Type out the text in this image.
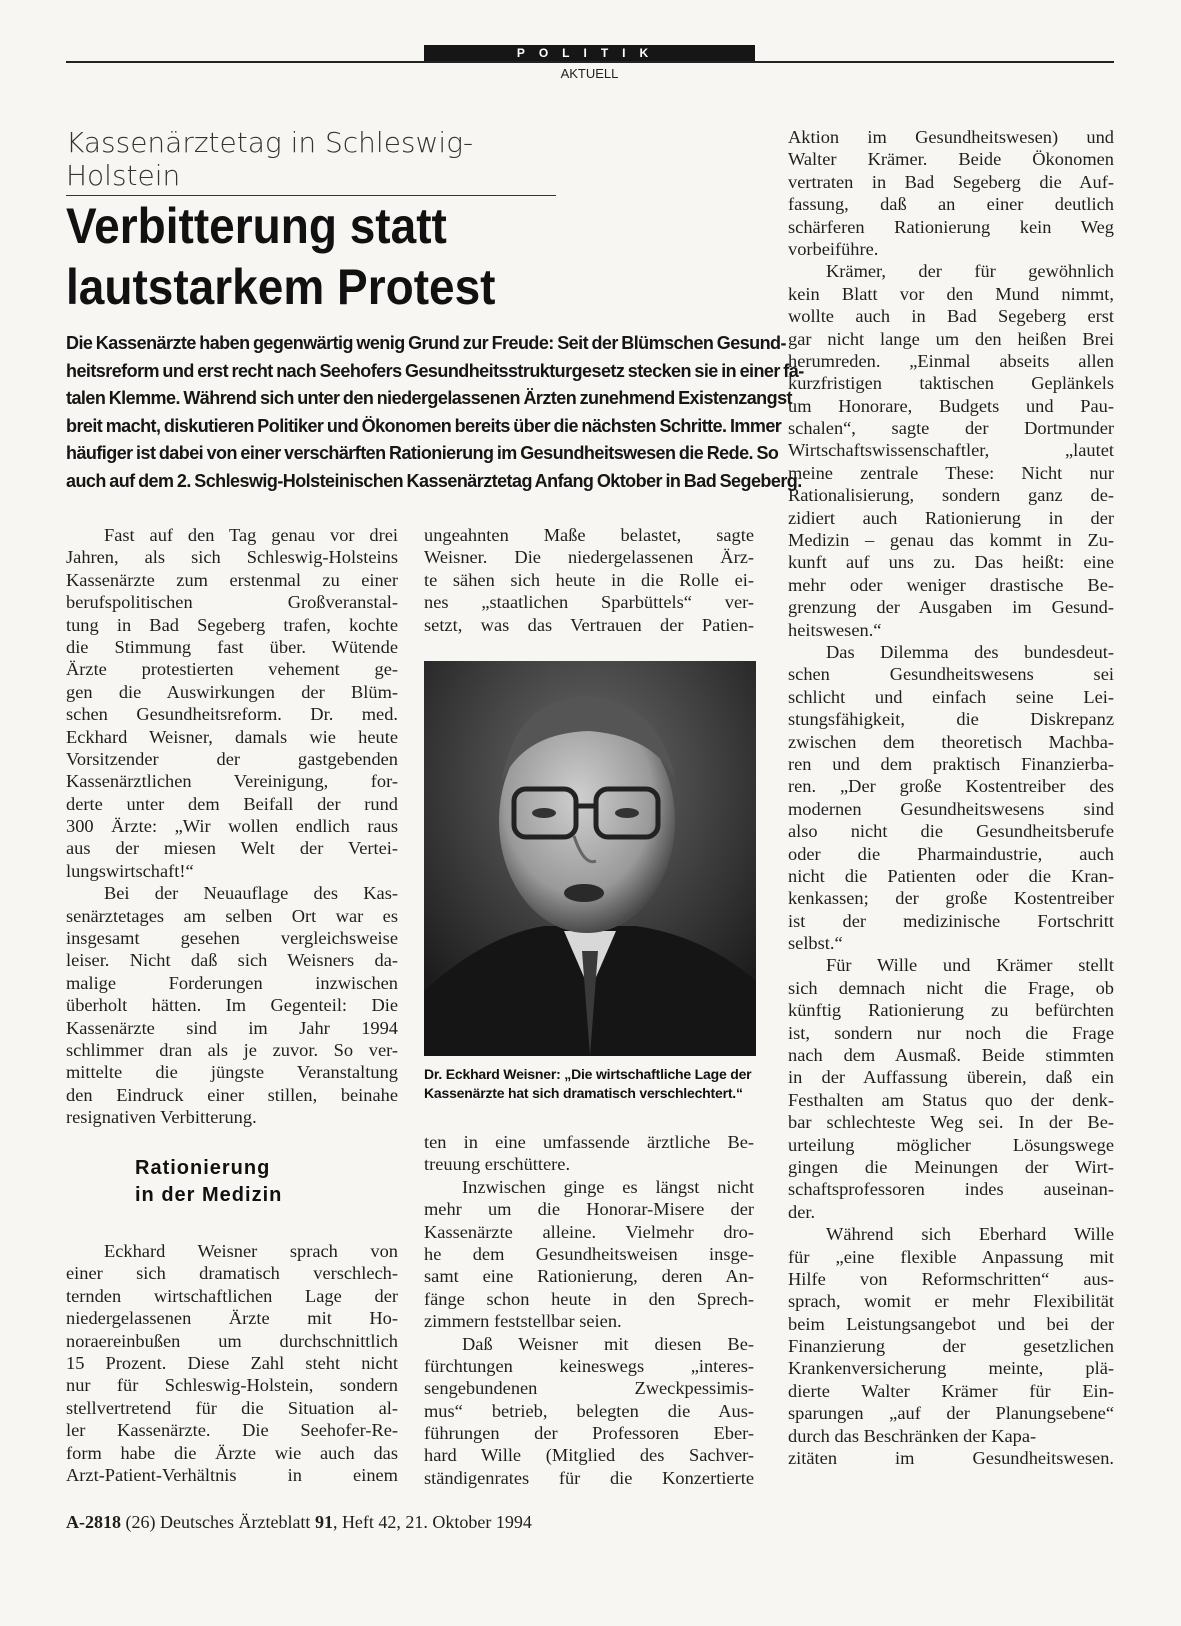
POLITIK
AKTUELL
Kassenärztetag in Schleswig-Holstein
Verbitterung statt
lautstarkem Protest
Die Kassenärzte haben gegenwärtig wenig Grund zur Freude: Seit der Blümschen Gesund-
heitsreform und erst recht nach Seehofers Gesundheitsstrukturgesetz stecken sie in einer fa-
talen Klemme. Während sich unter den niedergelassenen Ärzten zunehmend Existenzangst
breit macht, diskutieren Politiker und Ökonomen bereits über die nächsten Schritte. Immer
häufiger ist dabei von einer verschärften Rationierung im Gesundheitswesen die Rede. So
auch auf dem 2. Schleswig-Holsteinischen Kassenärztetag Anfang Oktober in Bad Segeberg.
Fast auf den Tag genau vor drei
Jahren, als sich Schleswig-Holsteins
Kassenärzte zum erstenmal zu einer
berufspolitischen Großveranstal-
tung in Bad Segeberg trafen, kochte
die Stimmung fast über. Wütende
Ärzte protestierten vehement ge-
gen die Auswirkungen der Blüm-
schen Gesundheitsreform. Dr. med.
Eckhard Weisner, damals wie heute
Vorsitzender der gastgebenden
Kassenärztlichen Vereinigung, for-
derte unter dem Beifall der rund
300 Ärzte: „Wir wollen endlich raus
aus der miesen Welt der Vertei-
lungswirtschaft!“
Bei der Neuauflage des Kas-
senärztetages am selben Ort war es
insgesamt gesehen vergleichsweise
leiser. Nicht daß sich Weisners da-
malige Forderungen inzwischen
überholt hätten. Im Gegenteil: Die
Kassenärzte sind im Jahr 1994
schlimmer dran als je zuvor. So ver-
mittelte die jüngste Veranstaltung
den Eindruck einer stillen, beinahe
resignativen Verbitterung.
Rationierung
in der Medizin
Eckhard Weisner sprach von
einer sich dramatisch verschlech-
ternden wirtschaftlichen Lage der
niedergelassenen Ärzte mit Ho-
noraereinbußen um durchschnittlich
15 Prozent. Diese Zahl steht nicht
nur für Schleswig-Holstein, sondern
stellvertretend für die Situation al-
ler Kassenärzte. Die Seehofer-Re-
form habe die Ärzte wie auch das
Arzt-Patient-Verhältnis in einem
ungeahnten Maße belastet, sagte
Weisner. Die niedergelassenen Ärz-
te sähen sich heute in die Rolle ei-
nes „staatlichen Sparbüttels“ ver-
setzt, was das Vertrauen der Patien-
Dr. Eckhard Weisner: „Die wirtschaftliche Lage der
Kassenärzte hat sich dramatisch verschlechtert.“
ten in eine umfassende ärztliche Be-
treuung erschüttere.
Inzwischen ginge es längst nicht
mehr um die Honorar-Misere der
Kassenärzte alleine. Vielmehr dro-
he dem Gesundheitsweisen insge-
samt eine Rationierung, deren An-
fänge schon heute in den Sprech-
zimmern feststellbar seien.
Daß Weisner mit diesen Be-
fürchtungen keineswegs „interes-
sengebundenen Zweckpessimis-
mus“ betrieb, belegten die Aus-
führungen der Professoren Eber-
hard Wille (Mitglied des Sachver-
ständigenrates für die Konzertierte
Aktion im Gesundheitswesen) und
Walter Krämer. Beide Ökonomen
vertraten in Bad Segeberg die Auf-
fassung, daß an einer deutlich
schärferen Rationierung kein Weg
vorbeiführe.
Krämer, der für gewöhnlich
kein Blatt vor den Mund nimmt,
wollte auch in Bad Segeberg erst
gar nicht lange um den heißen Brei
herumreden. „Einmal abseits allen
kurzfristigen taktischen Geplänkels
um Honorare, Budgets und Pau-
schalen“, sagte der Dortmunder
Wirtschaftswissenschaftler, „lautet
meine zentrale These: Nicht nur
Rationalisierung, sondern ganz de-
zidiert auch Rationierung in der
Medizin – genau das kommt in Zu-
kunft auf uns zu. Das heißt: eine
mehr oder weniger drastische Be-
grenzung der Ausgaben im Gesund-
heitswesen.“
Das Dilemma des bundesdeut-
schen Gesundheitswesens sei
schlicht und einfach seine Lei-
stungsfähigkeit, die Diskrepanz
zwischen dem theoretisch Machba-
ren und dem praktisch Finanzierba-
ren. „Der große Kostentreiber des
modernen Gesundheitswesens sind
also nicht die Gesundheitsberufe
oder die Pharmaindustrie, auch
nicht die Patienten oder die Kran-
kenkassen; der große Kostentreiber
ist der medizinische Fortschritt
selbst.“
Für Wille und Krämer stellt
sich demnach nicht die Frage, ob
künftig Rationierung zu befürchten
ist, sondern nur noch die Frage
nach dem Ausmaß. Beide stimmten
in der Auffassung überein, daß ein
Festhalten am Status quo der denk-
bar schlechteste Weg sei. In der Be-
urteilung möglicher Lösungswege
gingen die Meinungen der Wirt-
schaftsprofessoren indes auseinan-
der.
Während sich Eberhard Wille
für „eine flexible Anpassung mit
Hilfe von Reformschritten“ aus-
sprach, womit er mehr Flexibilität
beim Leistungsangebot und bei der
Finanzierung der gesetzlichen
Krankenversicherung meinte, plä-
dierte Walter Krämer für Ein-
sparungen „auf der Planungsebene“
durch das Beschränken der Kapa-
zitäten im Gesundheitswesen.
A-2818 (26) Deutsches Ärzteblatt 91, Heft 42, 21. Oktober 1994
